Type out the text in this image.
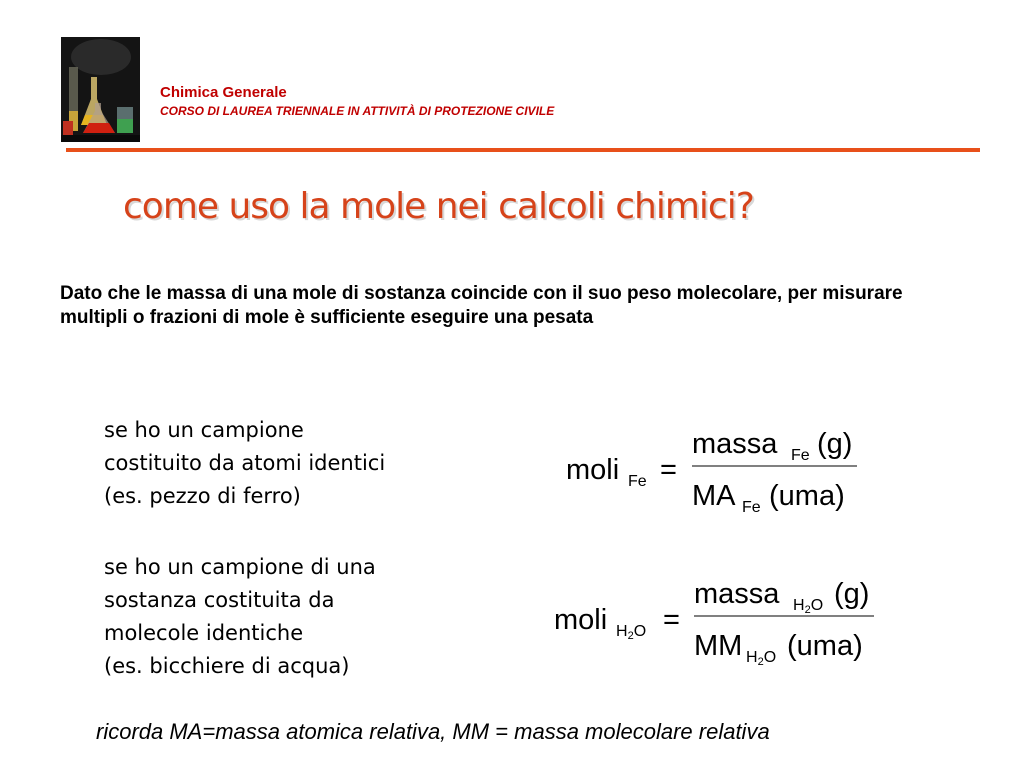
Chimica Generale
CORSO DI LAUREA TRIENNALE IN ATTIVITÀ DI PROTEZIONE CIVILE
come uso la mole nei calcoli chimici?
Dato che le massa di una mole di sostanza coincide con il suo peso molecolare, per misurare multipli o frazioni di mole è sufficiente eseguire una pesata
se ho un campione
costituito da atomi identici
(es. pezzo di ferro)
se ho un campione di una
sostanza costituita da
molecole identiche
(es. bicchiere di acqua)
moli Fe =
massa Fe (g)
MA Fe (uma)
moli H2O =
massa H2O (g)
MM H2O (uma)
ricorda MA=massa atomica relativa, MM = massa molecolare relativa
